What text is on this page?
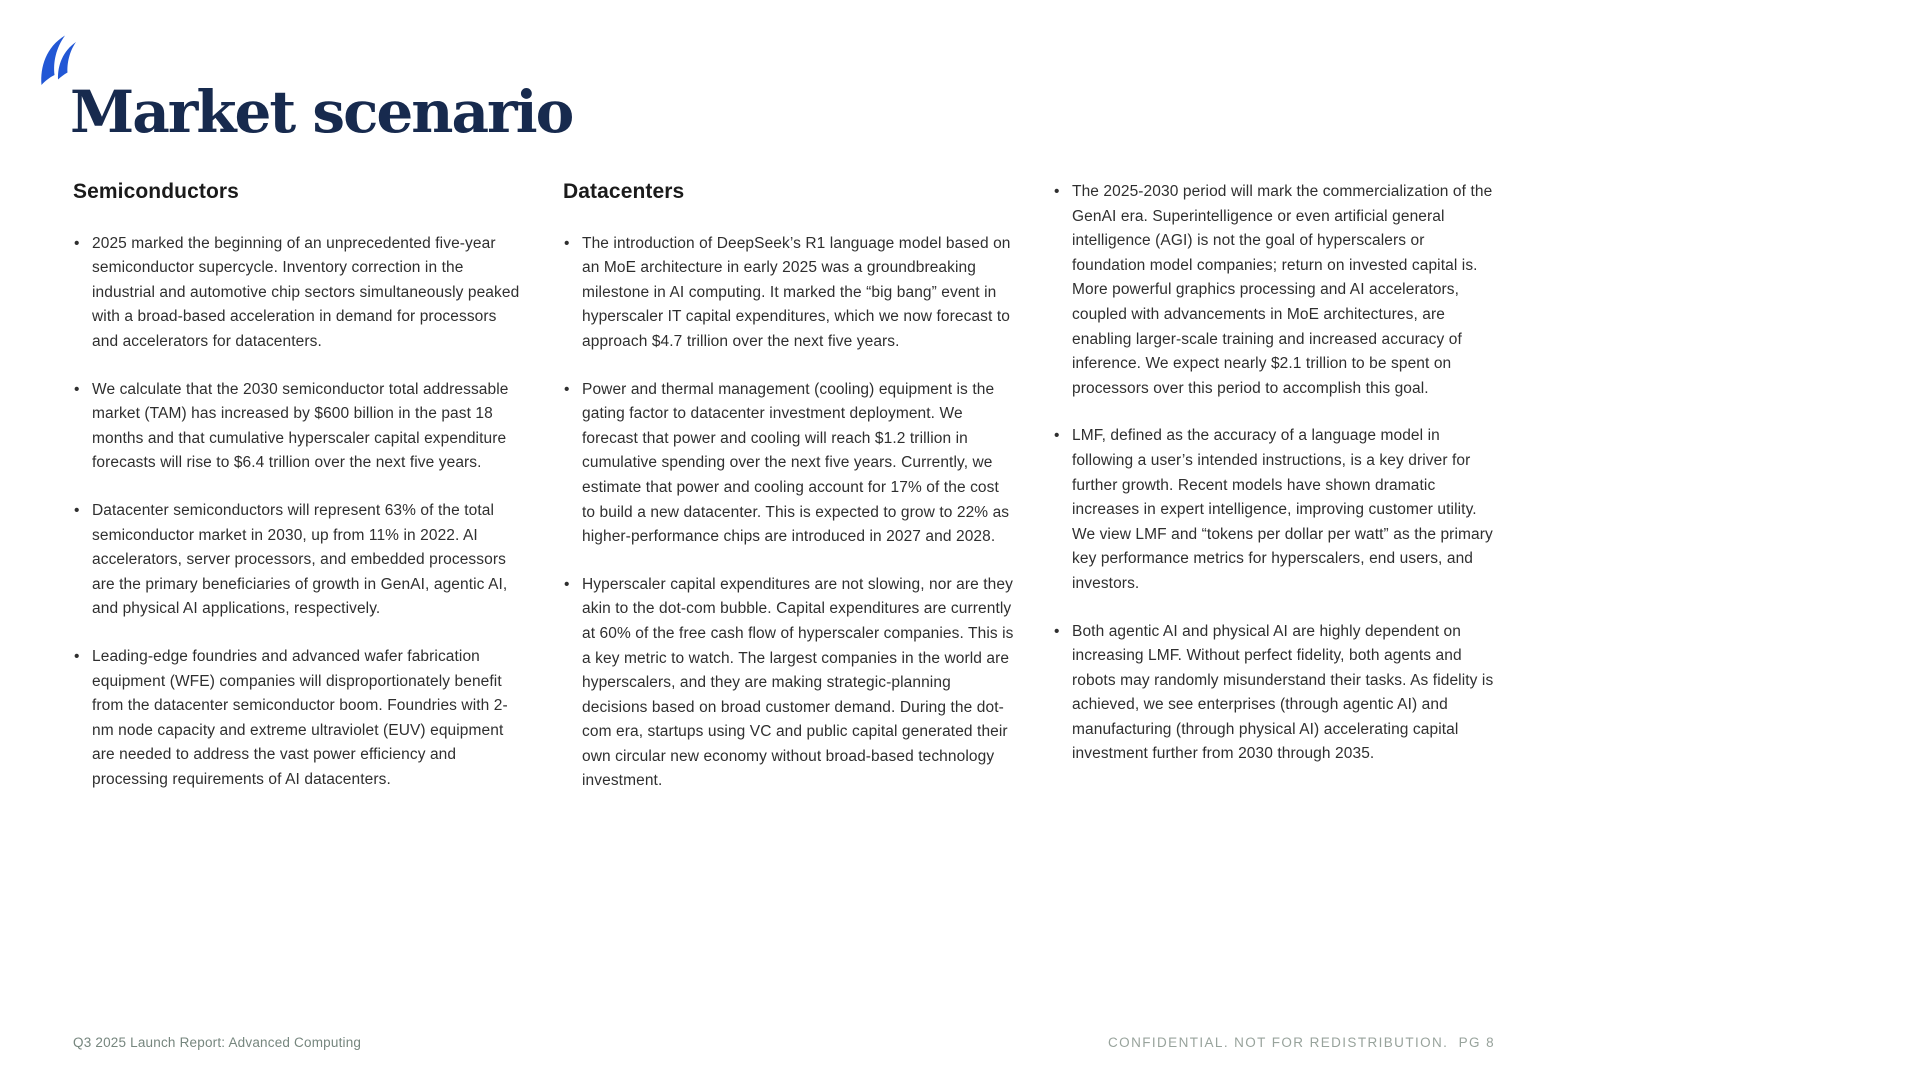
Market scenario
Semiconductors
• 2025 marked the beginning of an unprecedented five-year semiconductor supercycle. Inventory correction in the industrial and automotive chip sectors simultaneously peaked with a broad-based acceleration in demand for processors and accelerators for datacenters.
• We calculate that the 2030 semiconductor total addressable market (TAM) has increased by $600 billion in the past 18 months and that cumulative hyperscaler capital expenditure forecasts will rise to $6.4 trillion over the next five years.
• Datacenter semiconductors will represent 63% of the total semiconductor market in 2030, up from 11% in 2022. AI accelerators, server processors, and embedded processors are the primary beneficiaries of growth in GenAI, agentic AI, and physical AI applications, respectively.
• Leading-edge foundries and advanced wafer fabrication equipment (WFE) companies will disproportionately benefit from the datacenter semiconductor boom. Foundries with 2-nm node capacity and extreme ultraviolet (EUV) equipment are needed to address the vast power efficiency and processing requirements of AI datacenters.
Datacenters
• The introduction of DeepSeek’s R1 language model based on an MoE architecture in early 2025 was a groundbreaking milestone in AI computing. It marked the “big bang” event in hyperscaler IT capital expenditures, which we now forecast to approach $4.7 trillion over the next five years.
• Power and thermal management (cooling) equipment is the gating factor to datacenter investment deployment. We forecast that power and cooling will reach $1.2 trillion in cumulative spending over the next five years. Currently, we estimate that power and cooling account for 17% of the cost to build a new datacenter. This is expected to grow to 22% as higher-performance chips are introduced in 2027 and 2028.
• Hyperscaler capital expenditures are not slowing, nor are they akin to the dot-com bubble. Capital expenditures are currently at 60% of the free cash flow of hyperscaler companies. This is a key metric to watch. The largest companies in the world are hyperscalers, and they are making strategic-planning decisions based on broad customer demand. During the dot-com era, startups using VC and public capital generated their own circular new economy without broad-based technology investment.
• The 2025-2030 period will mark the commercialization of the GenAI era. Superintelligence or even artificial general intelligence (AGI) is not the goal of hyperscalers or foundation model companies; return on invested capital is. More powerful graphics processing and AI accelerators, coupled with advancements in MoE architectures, are enabling larger-scale training and increased accuracy of inference. We expect nearly $2.1 trillion to be spent on processors over this period to accomplish this goal.
• LMF, defined as the accuracy of a language model in following a user’s intended instructions, is a key driver for further growth. Recent models have shown dramatic increases in expert intelligence, improving customer utility. We view LMF and “tokens per dollar per watt” as the primary key performance metrics for hyperscalers, end users, and investors.
• Both agentic AI and physical AI are highly dependent on increasing LMF. Without perfect fidelity, both agents and robots may randomly misunderstand their tasks. As fidelity is achieved, we see enterprises (through agentic AI) and manufacturing (through physical AI) accelerating capital investment further from 2030 through 2035.
Q3 2025 Launch Report: Advanced Computing	CONFIDENTIAL. NOT FOR REDISTRIBUTION.  PG 8
